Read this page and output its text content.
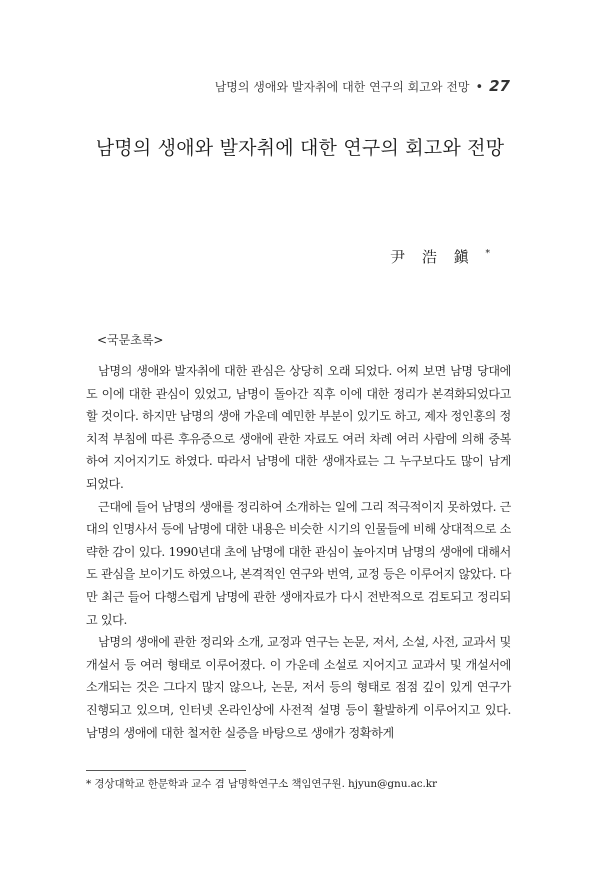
남명의 생애와 발자취에 대한 연구의 회고와 전망 • 27
남명의 생애와 발자취에 대한 연구의 회고와 전망
尹 浩 鎭 *
<국문초록>

남명의 생애와 발자취에 대한 관심은 상당히 오래 되었다. 어찌 보면 남명 당대에도 이에 대한 관심이 있었고, 남명이 돌아간 직후 이에 대한 정리가 본격화되었다고 할 것이다. 하지만 남명의 생애 가운데 예민한 부분이 있기도 하고, 제자 정인홍의 정치적 부침에 따른 후유증으로 생애에 관한 자료도 여러 차례 여러 사람에 의해 중복하여 지어지기도 하였다. 따라서 남명에 대한 생애자료는 그 누구보다도 많이 남게 되었다.

근대에 들어 남명의 생애를 정리하여 소개하는 일에 그리 적극적이지 못하였다. 근대의 인명사서 등에 남명에 대한 내용은 비슷한 시기의 인물들에 비해 상대적으로 소략한 감이 있다. 1990년대 초에 남명에 대한 관심이 높아지며 남명의 생애에 대해서도 관심을 보이기도 하였으나, 본격적인 연구와 번역, 교정 등은 이루어지 않았다. 다만 최근 들어 다행스럽게 남명에 관한 생애자료가 다시 전반적으로 검토되고 정리되고 있다.

남명의 생애에 관한 정리와 소개, 교정과 연구는 논문, 저서, 소설, 사전, 교과서 및 개설서 등 여러 형태로 이루어졌다. 이 가운데 소설로 지어지고 교과서 및 개설서에 소개되는 것은 그다지 많지 않으나, 논문, 저서 등의 형태로 점점 깊이 있게 연구가 진행되고 있으며, 인터넷 온라인상에 사전적 설명 등이 활발하게 이루어지고 있다. 남명의 생애에 대한 철저한 실증을 바탕으로 생애가 정확하게

* 경상대학교 한문학과 교수 겸 남명학연구소 책임연구원. hjyun@gnu.ac.kr
